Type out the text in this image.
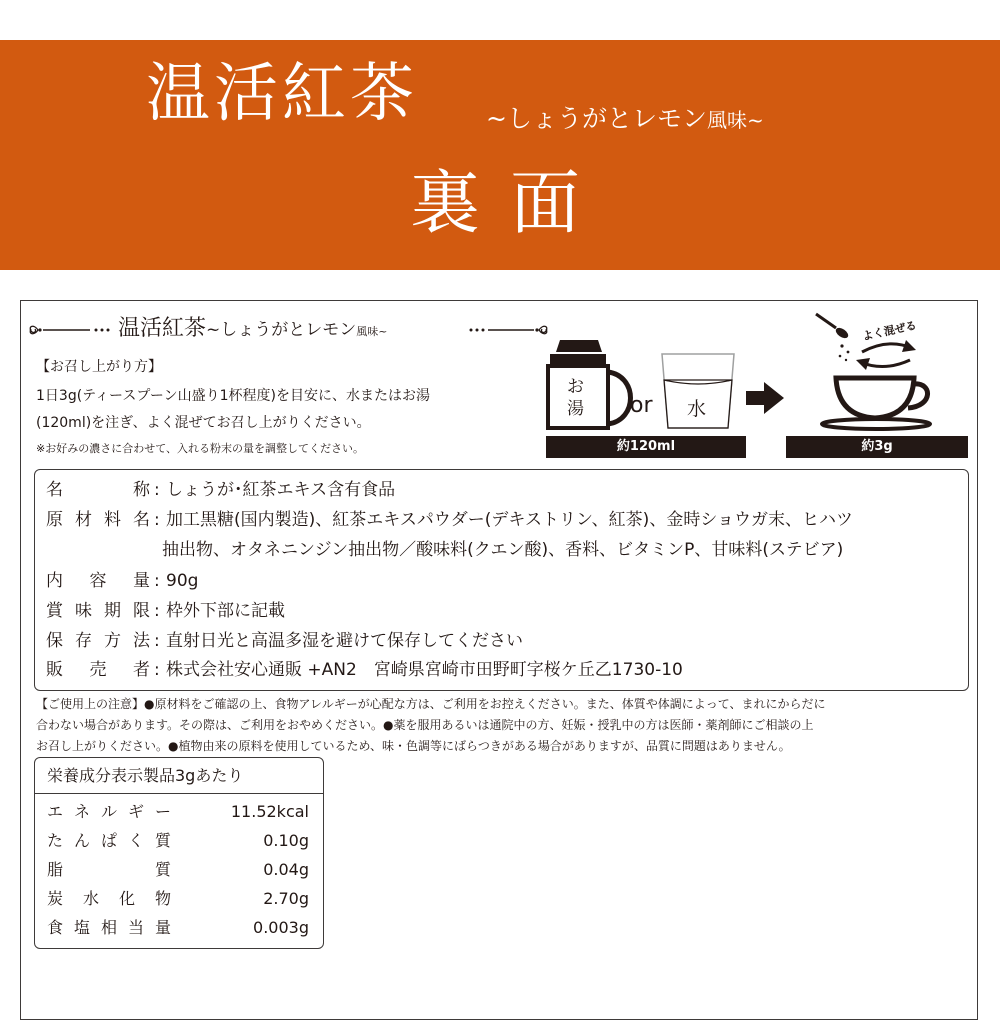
温活紅茶	~しょうがとレモン風味~
裏面
温活紅茶~しょうがとレモン風味~
【お召し上がり方】
1日3g(ティースプーン山盛り1杯程度)を目安に、水またはお湯
(120ml)を注ぎ、よく混ぜてお召し上がりください。
※お好みの濃さに合わせて、入れる粉末の量を調整してください。
お
湯 or 水
よく混ぜる
約120ml	約3g
名　称 : しょうが･紅茶エキス含有食品
原材料名 : 加工黒糖(国内製造)、紅茶エキスパウダー(デキストリン、紅茶)、金時ショウガ末、ヒハツ
抽出物、オタネニンジン抽出物／酸味料(クエン酸)、香料、ビタミンP、甘味料(ステビア)
内容量 : 90g
賞味期限 : 枠外下部に記載
保存方法 : 直射日光と高温多湿を避けて保存してください
販売者 : 株式会社安心通販 +AN2　宮崎県宮崎市田野町字桜ケ丘乙1730-10
【ご使用上の注意】●原材料をご確認の上、食物アレルギーが心配な方は、ご利用をお控えください。また、体質や体調によって、まれにからだに
合わない場合があります。その際は、ご利用をおやめください。●薬を服用あるいは通院中の方、妊娠・授乳中の方は医師・薬剤師にご相談の上
お召し上がりください。●植物由来の原料を使用しているため、味・色調等にばらつきがある場合がありますが、品質に問題はありません。
栄養成分表示製品3gあたり
エネルギー	11.52kcal
たんぱく質	0.10g
脂質	0.04g
炭水化物	2.70g
食塩相当量	0.003g
